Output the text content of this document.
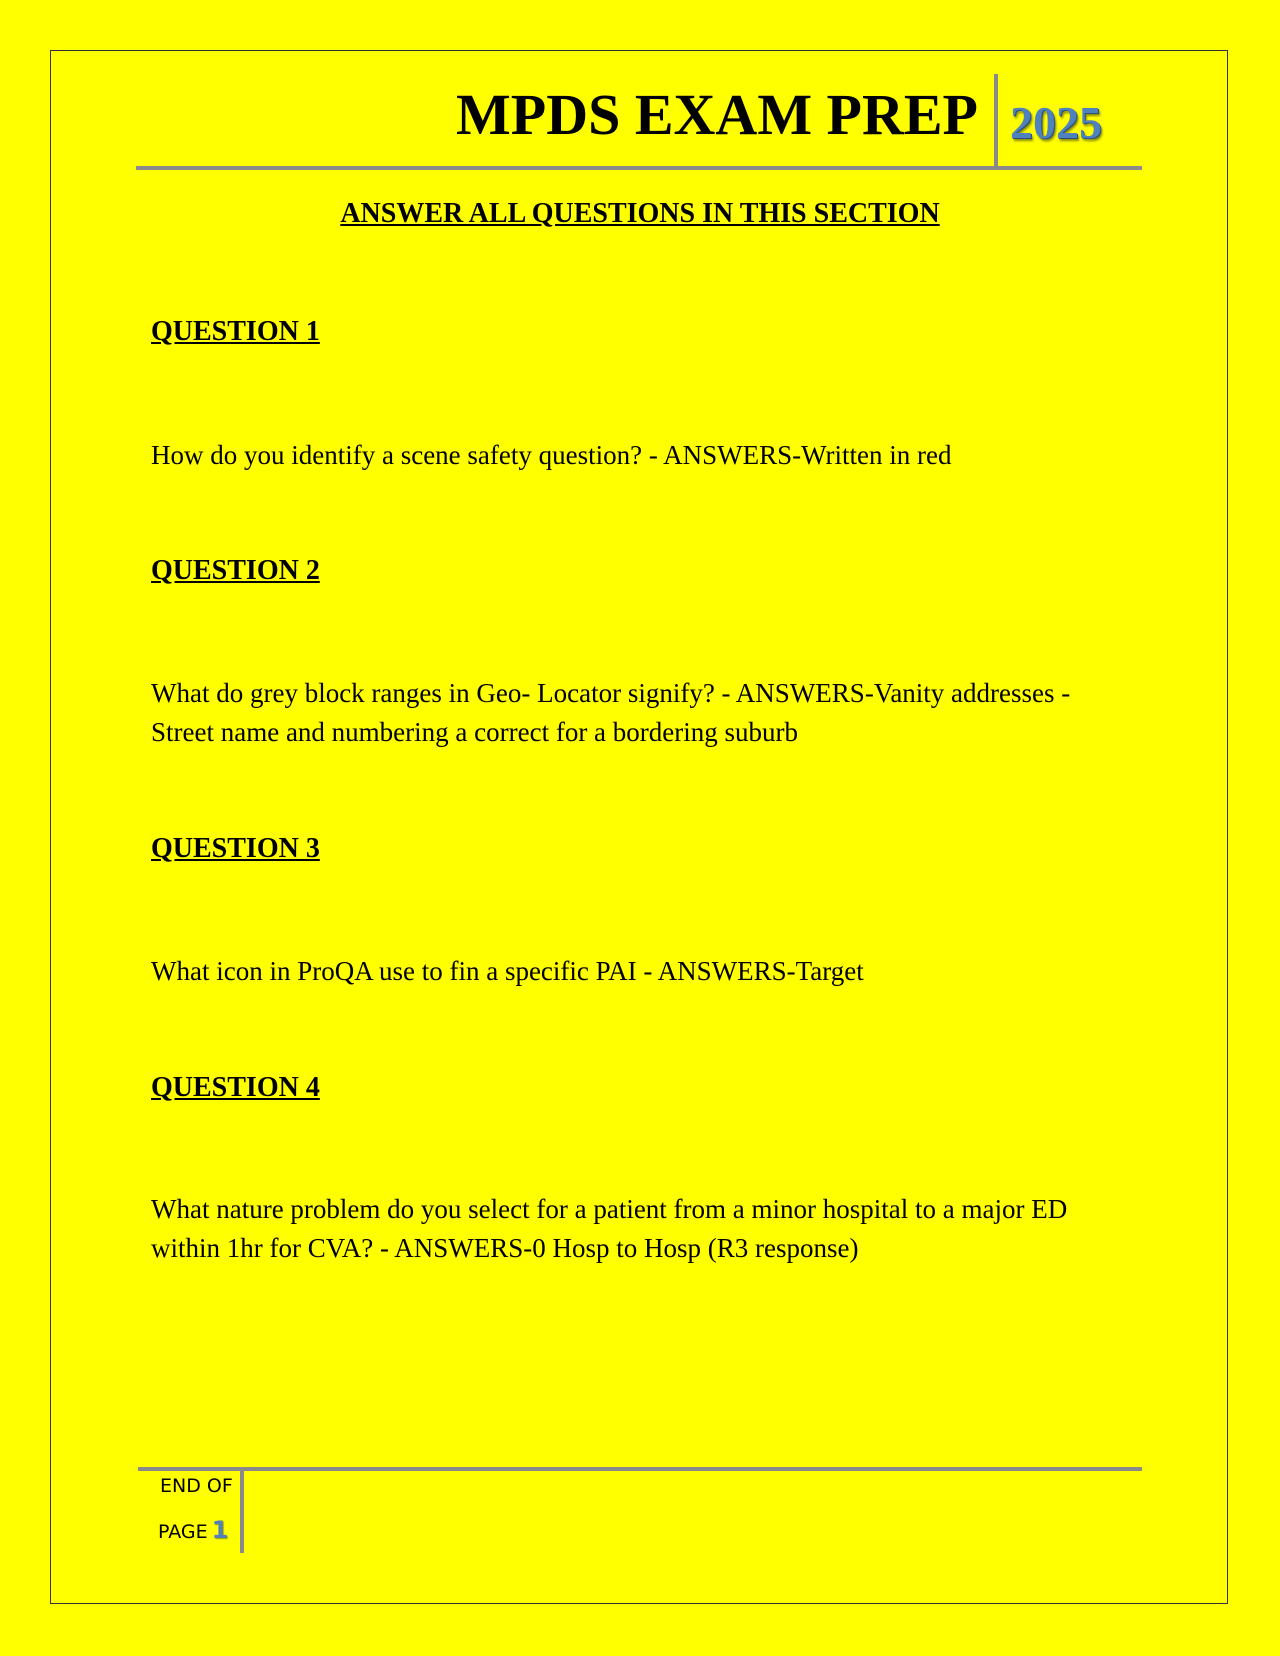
MPDS EXAM PREP 2025
ANSWER ALL QUESTIONS IN THIS SECTION
QUESTION 1
How do you identify a scene safety question? - ANSWERS-Written in red
QUESTION 2
What do grey block ranges in Geo- Locator signify? - ANSWERS-Vanity addresses - Street name and numbering a correct for a bordering suburb
QUESTION 3
What icon in ProQA use to fin a specific PAI - ANSWERS-Target
QUESTION 4
What nature problem do you select for a patient from a minor hospital to a major ED within 1hr for CVA? - ANSWERS-0 Hosp to Hosp (R3 response)
END OF
PAGE 1
